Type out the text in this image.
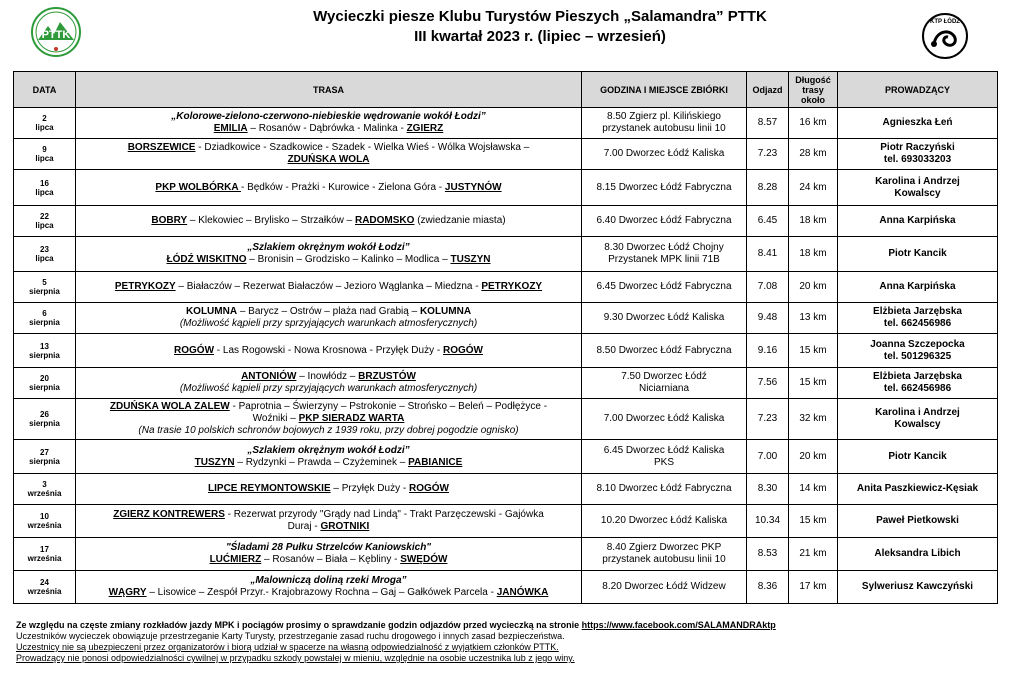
PTTK
Wycieczki piesze Klubu Turystów Pieszych „Salamandra” PTTK
III kwartał 2023 r. (lipiec – wrzesień)
KTP ŁÓDŹ
DATA	TRASA	GODZINA I MIEJSCE ZBIÓRKI	Odjazd	Długość trasy około	PROWADZĄCY

2
lipca	„Kolorowe-zielono-czerwono-niebieskie wędrowanie wokół Łodzi”
EMILIA – Rosanów - Dąbrówka - Malinka - ZGIERZ	8.50 Zgierz pl. Kilińskiego
przystanek autobusu linii 10	8.57	16 km	Agnieszka Łeń

9
lipca	BORSZEWICE - Dziadkowice - Szadkowice - Szadek - Wielka Wieś - Wólka Wojsławska –
ZDUŃSKA WOLA	7.00 Dworzec Łódź Kaliska	7.23	28 km	Piotr Raczyński
tel. 693033203

16
lipca	PKP WOLBÓRKA - Będków - Prażki - Kurowice - Zielona Góra - JUSTYNÓW	8.15 Dworzec Łódź Fabryczna	8.28	24 km	Karolina i Andrzej
Kowalscy

22
lipca	BOBRY – Klekowiec – Brylisko – Strzałków – RADOMSKO (zwiedzanie miasta)	6.40 Dworzec Łódź Fabryczna	6.45	18 km	Anna Karpińska

23
lipca	„Szlakiem okrężnym wokół Łodzi”
ŁÓDŹ WISKITNO – Bronisin – Grodzisko – Kalinko – Modlica – TUSZYN	8.30 Dworzec Łódź Chojny
Przystanek MPK linii 71B	8.41	18 km	Piotr Kancik

5
sierpnia	PETRYKOZY – Białaczów – Rezerwat Białaczów – Jezioro Wąglanka – Miedzna - PETRYKOZY	6.45 Dworzec Łódź Fabryczna	7.08	20 km	Anna Karpińska

6
sierpnia	KOLUMNA – Barycz – Ostrów – plaża nad Grabią – KOLUMNA
(Możliwość kąpieli przy sprzyjających warunkach atmosferycznych)	9.30 Dworzec Łódź Kaliska	9.48	13 km	Elżbieta Jarzębska
tel. 662456986

13
sierpnia	ROGÓW - Las Rogowski - Nowa Krosnowa - Przyłęk Duży - ROGÓW	8.50 Dworzec Łódź Fabryczna	9.16	15 km	Joanna Szczepocka
tel. 501296325

20
sierpnia	ANTONIÓW – Inowłódz – BRZUSTÓW
(Możliwość kąpieli przy sprzyjających warunkach atmosferycznych)	7.50 Dworzec Łódź
Niciarniana	7.56	15 km	Elżbieta Jarzębska
tel. 662456986

26
sierpnia	ZDUŃSKA WOLA ZALEW - Paprotnia – Świerzyny – Pstrokonie – Strońsko – Beleń – Podłężyce -
Woźniki – PKP SIERADZ WARTA
(Na trasie 10 polskich schronów bojowych z 1939 roku, przy dobrej pogodzie ognisko)	7.00 Dworzec Łódź Kaliska	7.23	32 km	Karolina i Andrzej
Kowalscy

27
sierpnia	„Szlakiem okrężnym wokół Łodzi”
TUSZYN – Rydzynki – Prawda – Czyżeminek – PABIANICE	6.45 Dworzec Łódź Kaliska
PKS	7.00	20 km	Piotr Kancik

3
września	LIPCE REYMONTOWSKIE – Przyłęk Duży - ROGÓW	8.10 Dworzec Łódź Fabryczna	8.30	14 km	Anita Paszkiewicz-Kęsiak

10
września	ZGIERZ KONTREWERS - Rezerwat przyrody "Grądy nad Lindą" - Trakt Parzęczewski - Gajówka
Duraj - GROTNIKI	10.20 Dworzec Łódź Kaliska	10.34	15 km	Paweł Pietkowski

17
września	"Śladami 28 Pułku Strzelców Kaniowskich"
LUĆMIERZ – Rosanów – Biała – Kębliny - SWĘDÓW	8.40 Zgierz Dworzec PKP
przystanek autobusu linii 10	8.53	21 km	Aleksandra Libich

24
września	„Malowniczą doliną rzeki Mroga”
WĄGRY – Lisowice – Zespół Przyr.- Krajobrazowy Rochna – Gaj – Gałkówek Parcela - JANÓWKA	8.20 Dworzec Łódź Widzew	8.36	17 km	Sylweriusz Kawczyński
Ze względu na częste zmiany rozkładów jazdy MPK i pociągów prosimy o sprawdzanie godzin odjazdów przed wycieczką na stronie https://www.facebook.com/SALAMANDRAktp
Uczestników wycieczek obowiązuje przestrzeganie Karty Turysty, przestrzeganie zasad ruchu drogowego i innych zasad bezpieczeństwa.
Uczestnicy nie są ubezpieczeni przez organizatorów i biorą udział w spacerze na własną odpowiedzialność z wyjątkiem członków PTTK.
Prowadzący nie ponosi odpowiedzialności cywilnej w przypadku szkody powstałej w mieniu, względnie na osobie uczestnika lub z jego winy.
